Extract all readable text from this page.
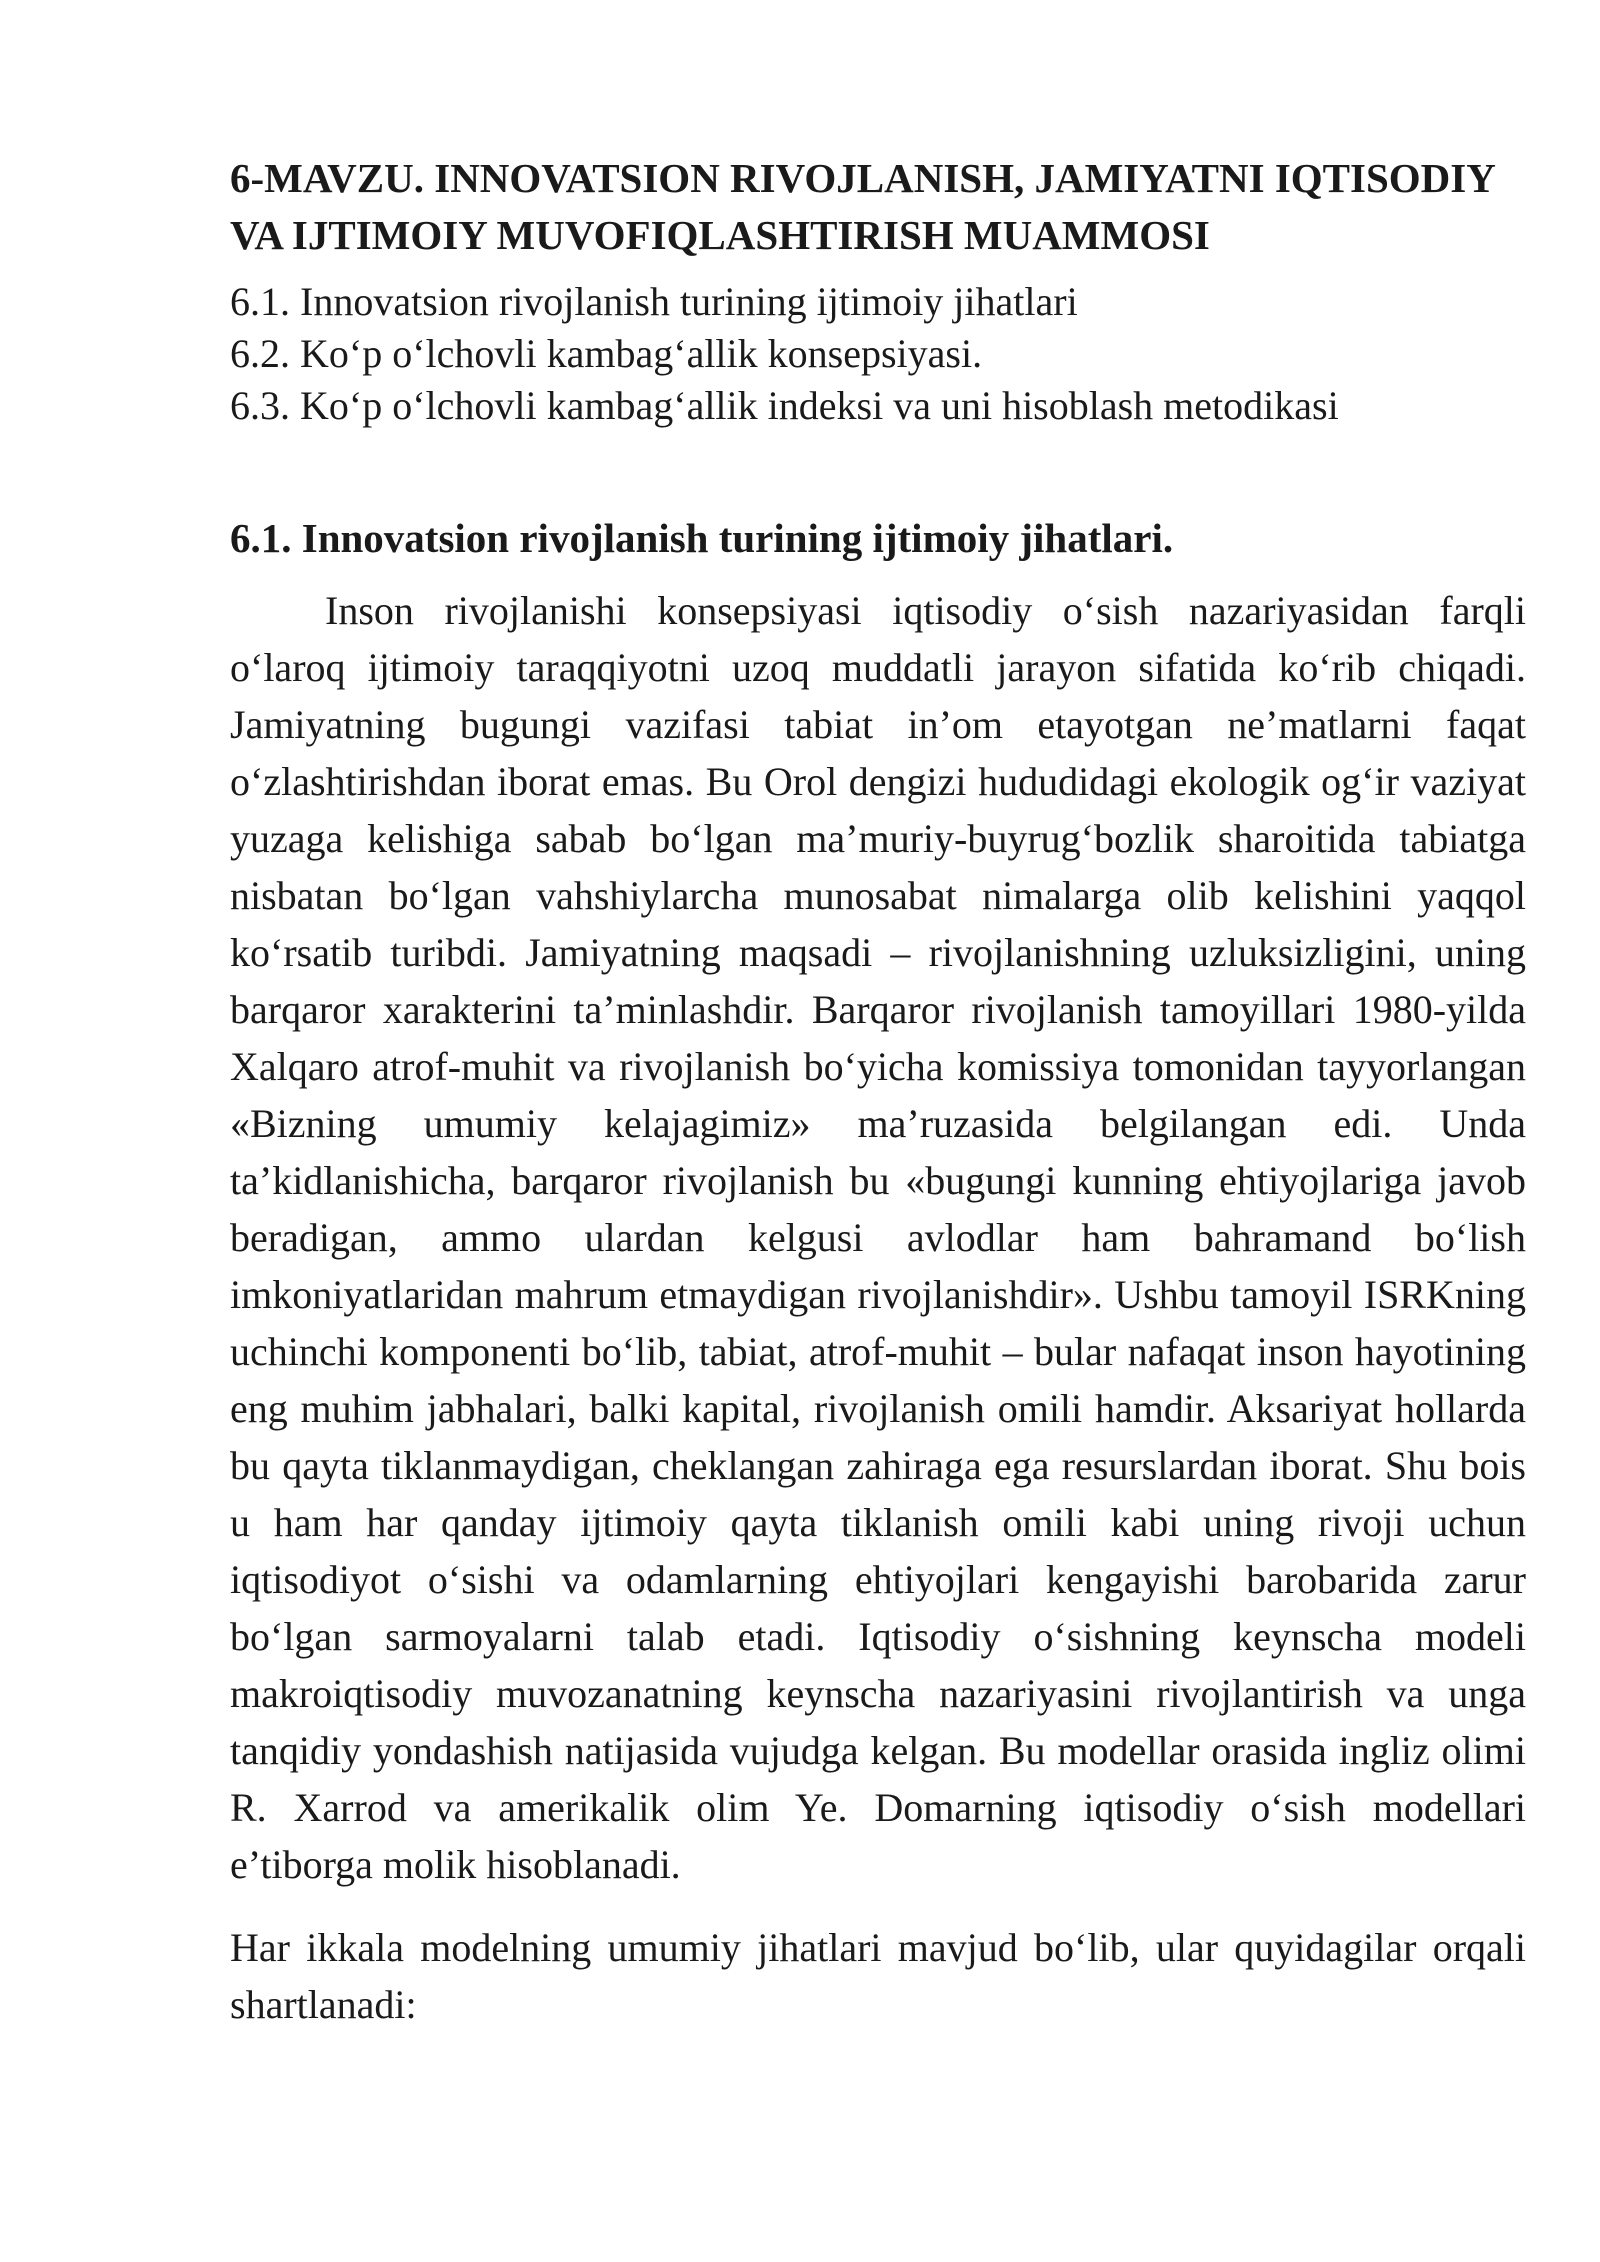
6-MAVZU. INNOVATSION RIVOJLANISH, JAMIYATNI IQTISODIY VA IJTIMOIY MUVOFIQLASHTIRISH MUAMMOSI
6.1. Innovatsion rivojlanish turining ijtimoiy jihatlari
6.2. Koʻp oʻlchovli kambagʻallik konsepsiyasi.
6.3. Koʻp oʻlchovli kambagʻallik indeksi va uni hisoblash metodikasi
6.1. Innovatsion rivojlanish turining ijtimoiy jihatlari.

Inson rivojlanishi konsepsiyasi iqtisodiy oʻsish nazariyasidan farqli oʻlaroq ijtimoiy taraqqiyotni uzoq muddatli jarayon sifatida koʻrib chiqadi. Jamiyatning bugungi vazifasi tabiat in’om etayotgan ne’matlarni faqat oʻzlashtirishdan iborat emas. Bu Orol dengizi hududidagi ekologik ogʻir vaziyat yuzaga kelishiga sabab boʻlgan ma’muriy-buyrugʻbozlik sharoitida tabiatga nisbatan boʻlgan vahshiylarcha munosabat nimalarga olib kelishini yaqqol koʻrsatib turibdi. Jamiyatning maqsadi – rivojlanishning uzluksizligini, uning barqaror xarakterini ta’minlashdir. Barqaror rivojlanish tamoyillari 1980-yilda Xalqaro atrof-muhit va rivojlanish boʻyicha komissiya tomonidan tayyorlangan «Bizning umumiy kelajagimiz» ma’ruzasida belgilangan edi. Unda ta’kidlanishicha, barqaror rivojlanish bu «bugungi kunning ehtiyojlariga javob beradigan, ammo ulardan kelgusi avlodlar ham bahramand boʻlish imkoniyatlaridan mahrum etmaydigan rivojlanishdir». Ushbu tamoyil ISRKning uchinchi komponenti boʻlib, tabiat, atrof-muhit – bular nafaqat inson hayotining eng muhim jabhalari, balki kapital, rivojlanish omili hamdir. Aksariyat hollarda bu qayta tiklanmaydigan, cheklangan zahiraga ega resurslardan iborat. Shu bois u ham har qanday ijtimoiy qayta tiklanish omili kabi uning rivoji uchun iqtisodiyot oʻsishi va odamlarning ehtiyojlari kengayishi barobarida zarur boʻlgan sarmoyalarni talab etadi. Iqtisodiy oʻsishning keynscha modeli makroiqtisodiy muvozanatning keynscha nazariyasini rivojlantirish va unga tanqidiy yondashish natijasida vujudga kelgan. Bu modellar orasida ingliz olimi R. Xarrod va amerikalik olim Ye. Domarning iqtisodiy oʻsish modellari e’tiborga molik hisoblanadi.

Har ikkala modelning umumiy jihatlari mavjud boʻlib, ular quyidagilar orqali shartlanadi:
